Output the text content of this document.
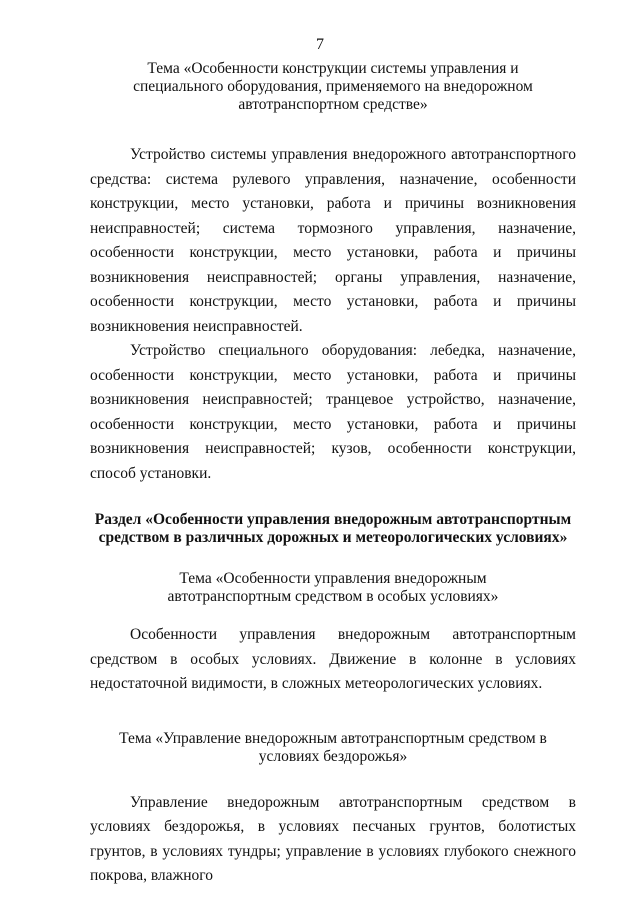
7

Тема «Особенности конструкции системы управления и специального оборудования, применяемого на внедорожном автотранспортном средстве»

Устройство системы управления внедорожного автотранспортного средства: система рулевого управления, назначение, особенности конструкции, место установки, работа и причины возникновения неисправностей; система тормозного управления, назначение, особенности конструкции, место установки, работа и причины возникновения неисправностей; органы управления, назначение, особенности конструкции, место установки, работа и причины возникновения неисправностей.

Устройство специального оборудования: лебедка, назначение, особенности конструкции, место установки, работа и причины возникновения неисправностей; транцевое устройство, назначение, особенности конструкции, место установки, работа и причины возникновения неисправностей; кузов, особенности конструкции, способ установки.

Раздел «Особенности управления внедорожным автотранспортным средством в различных дорожных и метеорологических условиях»

Тема «Особенности управления внедорожным автотранспортным средством в особых условиях»

Особенности управления внедорожным автотранспортным средством в особых условиях. Движение в колонне в условиях недостаточной видимости, в сложных метеорологических условиях.

Тема «Управление внедорожным автотранспортным средством в условиях бездорожья»

Управление внедорожным автотранспортным средством в условиях бездорожья, в условиях песчаных грунтов, болотистых грунтов, в условиях тундры; управление в условиях глубокого снежного покрова, влажного
